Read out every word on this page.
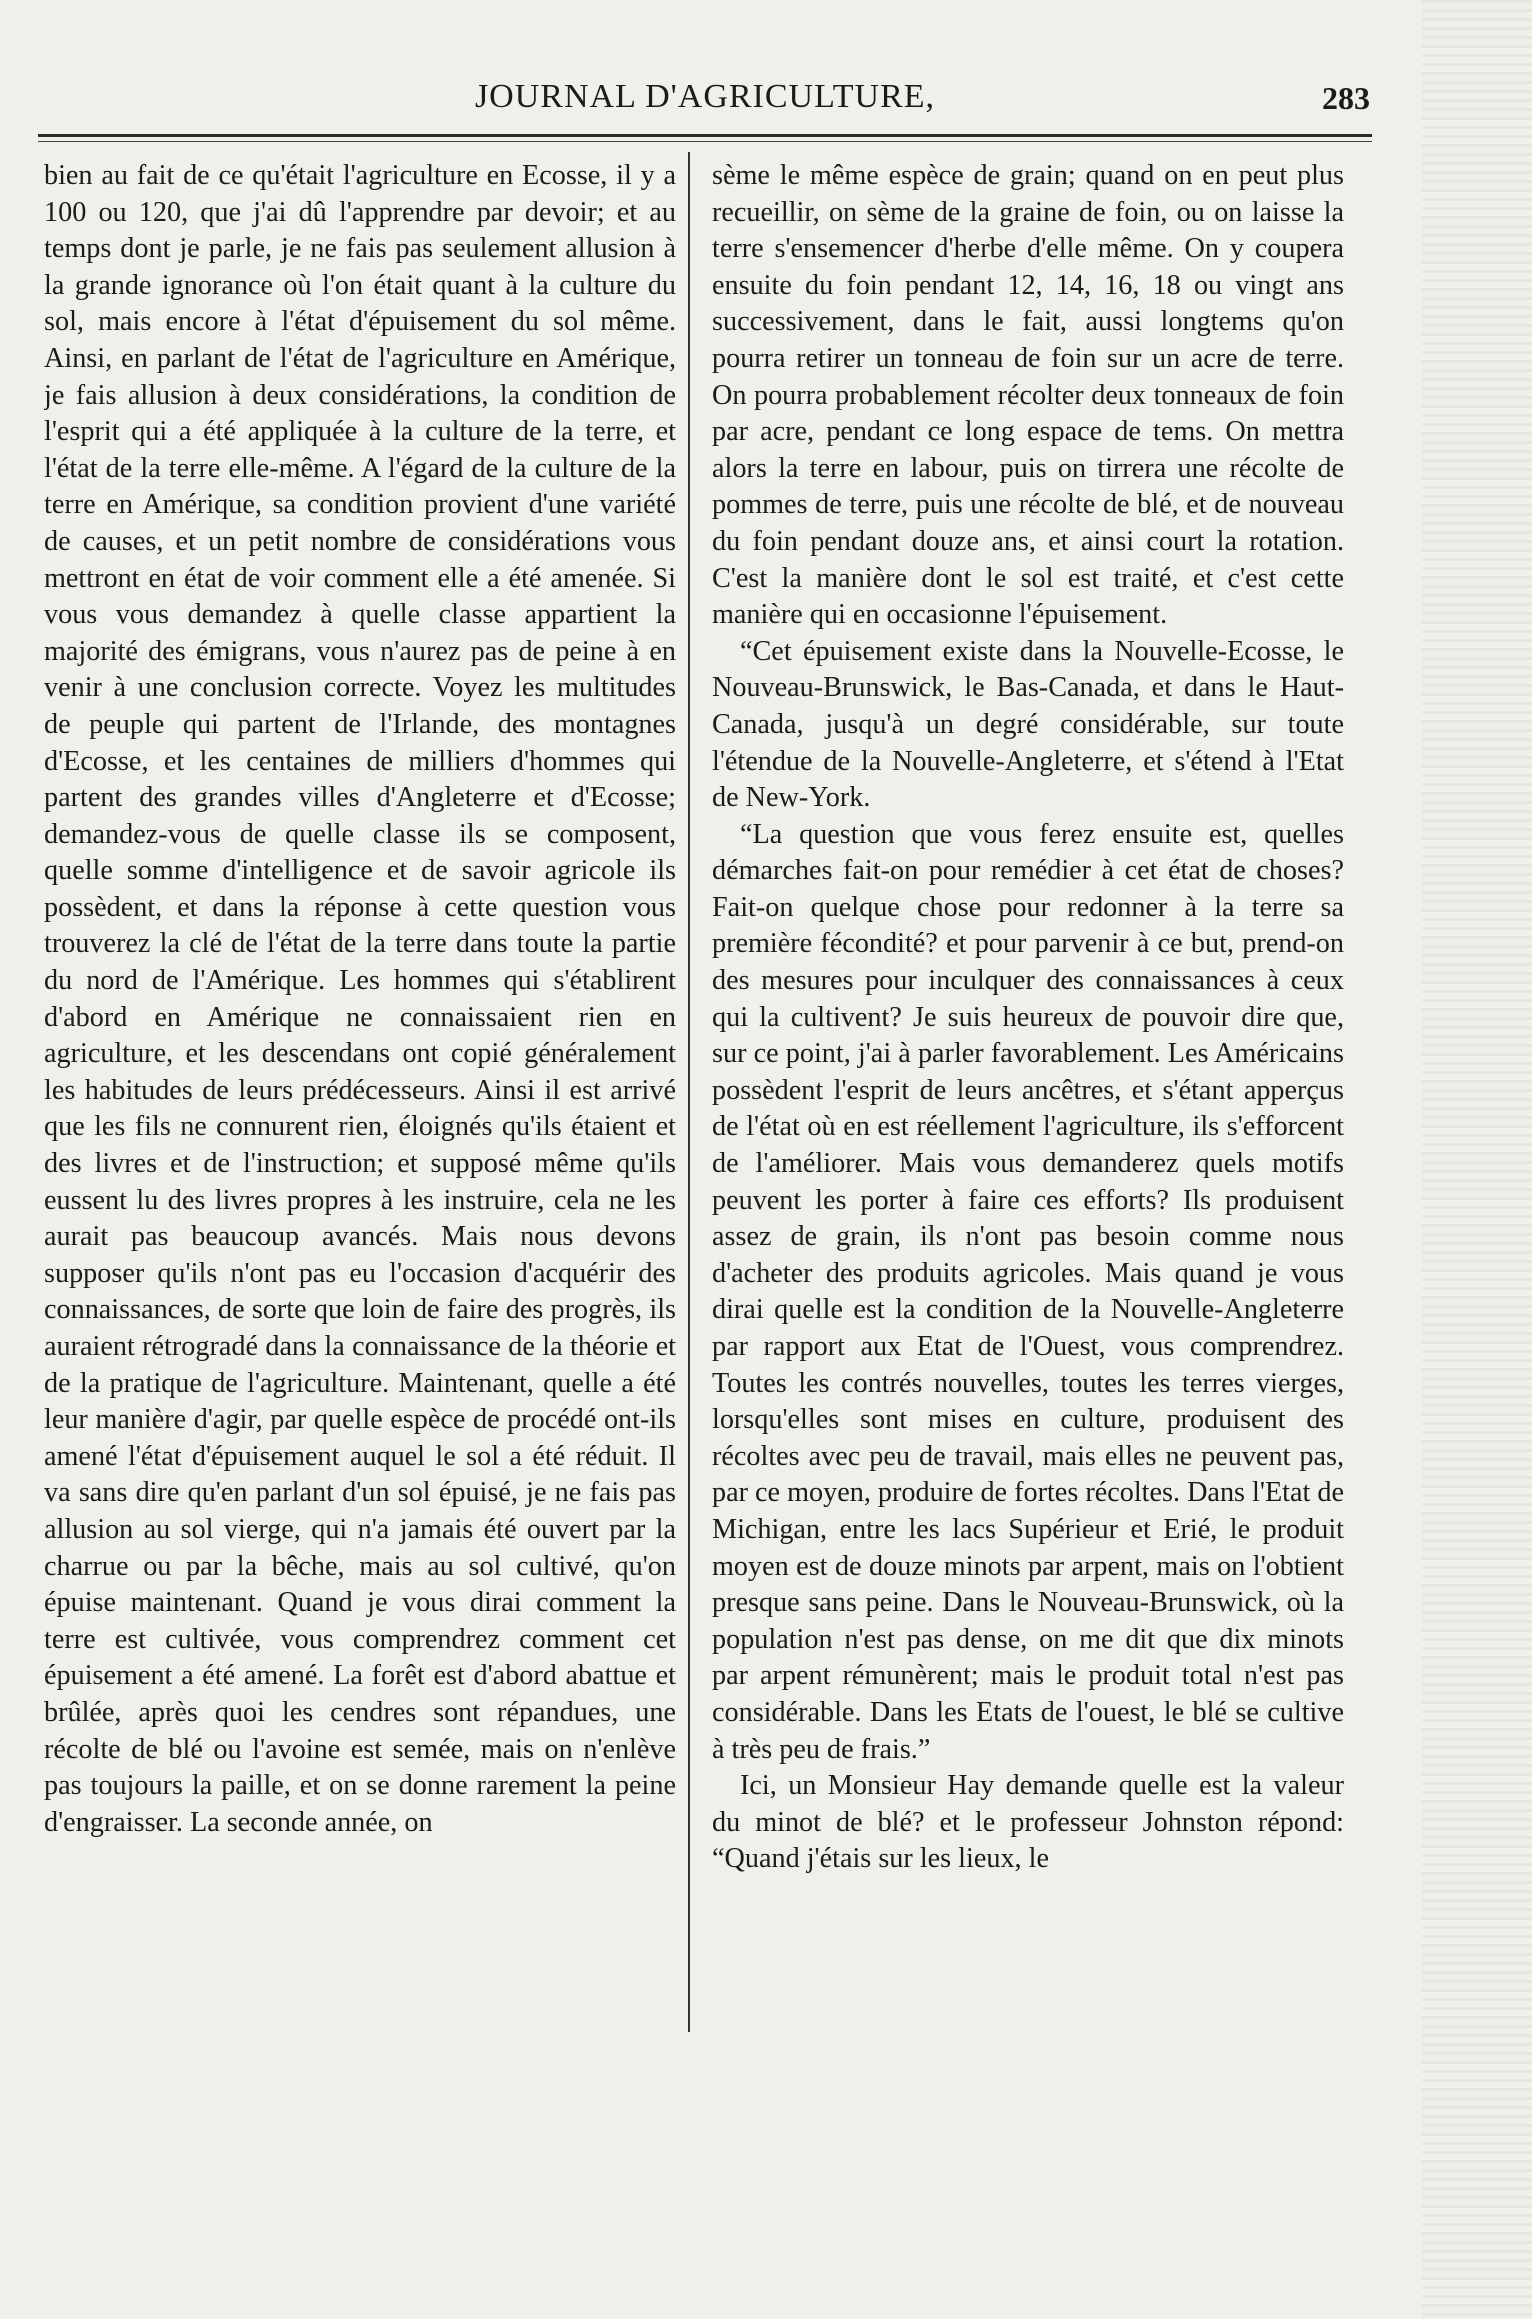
JOURNAL D'AGRICULTURE,	283

bien au fait de ce qu'était l'agriculture en Ecosse, il y a 100 ou 120, que j'ai dû l'apprendre par devoir; et au temps dont je parle, je ne fais pas seulement allusion à la grande ignorance où l'on était quant à la culture du sol, mais encore à l'état d'épuisement du sol même. Ainsi, en parlant de l'état de l'agriculture en Amérique, je fais allusion à deux considérations, la condition de l'esprit qui a été appliquée à la culture de la terre, et l'état de la terre elle-même. A l'égard de la culture de la terre en Amérique, sa condition provient d'une variété de causes, et un petit nombre de considérations vous mettront en état de voir comment elle a été amenée. Si vous vous demandez à quelle classe appartient la majorité des émigrans, vous n'aurez pas de peine à en venir à une conclusion correcte. Voyez les multitudes de peuple qui partent de l'Irlande, des montagnes d'Ecosse, et les centaines de milliers d'hommes qui partent des grandes villes d'Angleterre et d'Ecosse; demandez-vous de quelle classe ils se composent, quelle somme d'intelligence et de savoir agricole ils possèdent, et dans la réponse à cette question vous trouverez la clé de l'état de la terre dans toute la partie du nord de l'Amérique. Les hommes qui s'établirent d'abord en Amérique ne connaissaient rien en agriculture, et les descendans ont copié généralement les habitudes de leurs prédécesseurs. Ainsi il est arrivé que les fils ne connurent rien, éloignés qu'ils étaient et des livres et de l'instruction; et supposé même qu'ils eussent lu des livres propres à les instruire, cela ne les aurait pas beaucoup avancés. Mais nous devons supposer qu'ils n'ont pas eu l'occasion d'acquérir des connaissances, de sorte que loin de faire des progrès, ils auraient rétrogradé dans la connaissance de la théorie et de la pratique de l'agriculture. Maintenant, quelle a été leur manière d'agir, par quelle espèce de procédé ont-ils amené l'état d'épuisement auquel le sol a été réduit. Il va sans dire qu'en parlant d'un sol épuisé, je ne fais pas allusion au sol vierge, qui n'a jamais été ouvert par la charrue ou par la bêche, mais au sol cultivé, qu'on épuise maintenant. Quand je vous dirai comment la terre est cultivée, vous comprendrez comment cet épuisement a été amené. La forêt est d'abord abattue et brûlée, après quoi les cendres sont répandues, une récolte de blé ou l'avoine est semée, mais on n'enlève pas toujours la paille, et on se donne rarement la peine d'engraisser. La seconde année, on

sème le même espèce de grain; quand on en peut plus recueillir, on sème de la graine de foin, ou on laisse la terre s'ensemencer d'herbe d'elle même. On y coupera ensuite du foin pendant 12, 14, 16, 18 ou vingt ans successivement, dans le fait, aussi longtems qu'on pourra retirer un tonneau de foin sur un acre de terre. On pourra probablement récolter deux tonneaux de foin par acre, pendant ce long espace de tems. On mettra alors la terre en labour, puis on tirrera une récolte de pommes de terre, puis une récolte de blé, et de nouveau du foin pendant douze ans, et ainsi court la rotation. C'est la manière dont le sol est traité, et c'est cette manière qui en occasionne l'épuisement.

“Cet épuisement existe dans la Nouvelle-Ecosse, le Nouveau-Brunswick, le Bas-Canada, et dans le Haut-Canada, jusqu'à un degré considérable, sur toute l'étendue de la Nouvelle-Angleterre, et s'étend à l'Etat de New-York.

“La question que vous ferez ensuite est, quelles démarches fait-on pour remédier à cet état de choses? Fait-on quelque chose pour redonner à la terre sa première fécondité? et pour parvenir à ce but, prend-on des mesures pour inculquer des connaissances à ceux qui la cultivent? Je suis heureux de pouvoir dire que, sur ce point, j'ai à parler favorablement. Les Américains possèdent l'esprit de leurs ancêtres, et s'étant apperçus de l'état où en est réellement l'agriculture, ils s'efforcent de l'améliorer. Mais vous demanderez quels motifs peuvent les porter à faire ces efforts? Ils produisent assez de grain, ils n'ont pas besoin comme nous d'acheter des produits agricoles. Mais quand je vous dirai quelle est la condition de la Nouvelle-Angleterre par rapport aux Etat de l'Ouest, vous comprendrez. Toutes les contrés nouvelles, toutes les terres vierges, lorsqu'elles sont mises en culture, produisent des récoltes avec peu de travail, mais elles ne peuvent pas, par ce moyen, produire de fortes récoltes. Dans l'Etat de Michigan, entre les lacs Supérieur et Erié, le produit moyen est de douze minots par arpent, mais on l'obtient presque sans peine. Dans le Nouveau-Brunswick, où la population n'est pas dense, on me dit que dix minots par arpent rémunèrent; mais le produit total n'est pas considérable. Dans les Etats de l'ouest, le blé se cultive à très peu de frais.”

Ici, un Monsieur Hay demande quelle est la valeur du minot de blé? et le professeur Johnston répond: “Quand j'étais sur les lieux, le
